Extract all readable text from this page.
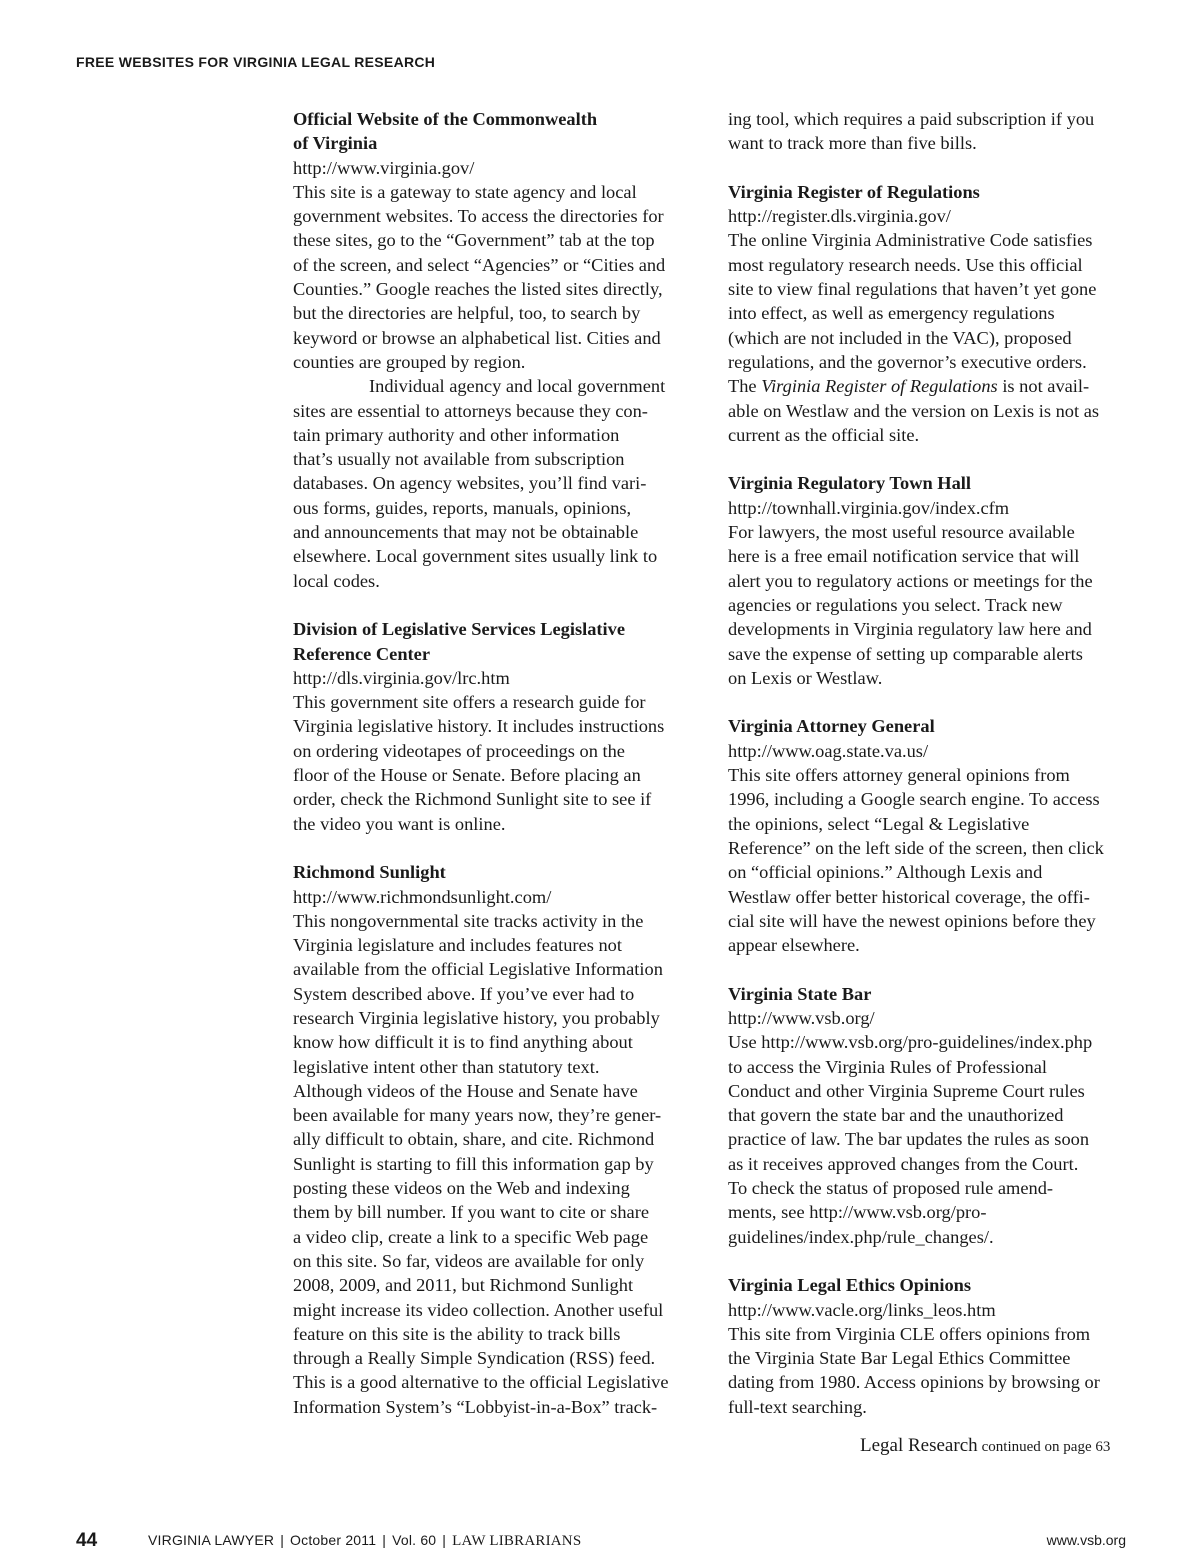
FREE WEBSITES FOR VIRGINIA LEGAL RESEARCH
Official Website of the Commonwealth
of Virginia
http://www.virginia.gov/
This site is a gateway to state agency and local
government websites. To access the directories for
these sites, go to the “Government” tab at the top
of the screen, and select “Agencies” or “Cities and
Counties.” Google reaches the listed sites directly,
but the directories are helpful, too, to search by
keyword or browse an alphabetical list. Cities and
counties are grouped by region.
Individual agency and local government
sites are essential to attorneys because they con-
tain primary authority and other information
that’s usually not available from subscription
databases. On agency websites, you’ll find vari-
ous forms, guides, reports, manuals, opinions,
and announcements that may not be obtainable
elsewhere. Local government sites usually link to
local codes.
Division of Legislative Services Legislative
Reference Center
http://dls.virginia.gov/lrc.htm
This government site offers a research guide for
Virginia legislative history. It includes instructions
on ordering videotapes of proceedings on the
floor of the House or Senate. Before placing an
order, check the Richmond Sunlight site to see if
the video you want is online.
Richmond Sunlight
http://www.richmondsunlight.com/
This nongovernmental site tracks activity in the
Virginia legislature and includes features not
available from the official Legislative Information
System described above. If you’ve ever had to
research Virginia legislative history, you probably
know how difficult it is to find anything about
legislative intent other than statutory text.
Although videos of the House and Senate have
been available for many years now, they’re gener-
ally difficult to obtain, share, and cite. Richmond
Sunlight is starting to fill this information gap by
posting these videos on the Web and indexing
them by bill number. If you want to cite or share
a video clip, create a link to a specific Web page
on this site. So far, videos are available for only
2008, 2009, and 2011, but Richmond Sunlight
might increase its video collection. Another useful
feature on this site is the ability to track bills
through a Really Simple Syndication (RSS) feed.
This is a good alternative to the official Legislative
Information System’s “Lobbyist-in-a-Box” track-
ing tool, which requires a paid subscription if you
want to track more than five bills.
Virginia Register of Regulations
http://register.dls.virginia.gov/
The online Virginia Administrative Code satisfies
most regulatory research needs. Use this official
site to view final regulations that haven’t yet gone
into effect, as well as emergency regulations
(which are not included in the VAC), proposed
regulations, and the governor’s executive orders.
The Virginia Register of Regulations is not avail-
able on Westlaw and the version on Lexis is not as
current as the official site.
Virginia Regulatory Town Hall
http://townhall.virginia.gov/index.cfm
For lawyers, the most useful resource available
here is a free email notification service that will
alert you to regulatory actions or meetings for the
agencies or regulations you select. Track new
developments in Virginia regulatory law here and
save the expense of setting up comparable alerts
on Lexis or Westlaw.
Virginia Attorney General
http://www.oag.state.va.us/
This site offers attorney general opinions from
1996, including a Google search engine. To access
the opinions, select “Legal & Legislative
Reference” on the left side of the screen, then click
on “official opinions.” Although Lexis and
Westlaw offer better historical coverage, the offi-
cial site will have the newest opinions before they
appear elsewhere.
Virginia State Bar
http://www.vsb.org/
Use http://www.vsb.org/pro-guidelines/index.php
to access the Virginia Rules of Professional
Conduct and other Virginia Supreme Court rules
that govern the state bar and the unauthorized
practice of law. The bar updates the rules as soon
as it receives approved changes from the Court.
To check the status of proposed rule amend-
ments, see http://www.vsb.org/pro-
guidelines/index.php/rule_changes/.
Virginia Legal Ethics Opinions
http://www.vacle.org/links_leos.htm
This site from Virginia CLE offers opinions from
the Virginia State Bar Legal Ethics Committee
dating from 1980. Access opinions by browsing or
full-text searching.
Legal Research continued on page 63
44	VIRGINIA LAWYER | October 2011 | Vol. 60 | LAW LIBRARIANS	www.vsb.org
